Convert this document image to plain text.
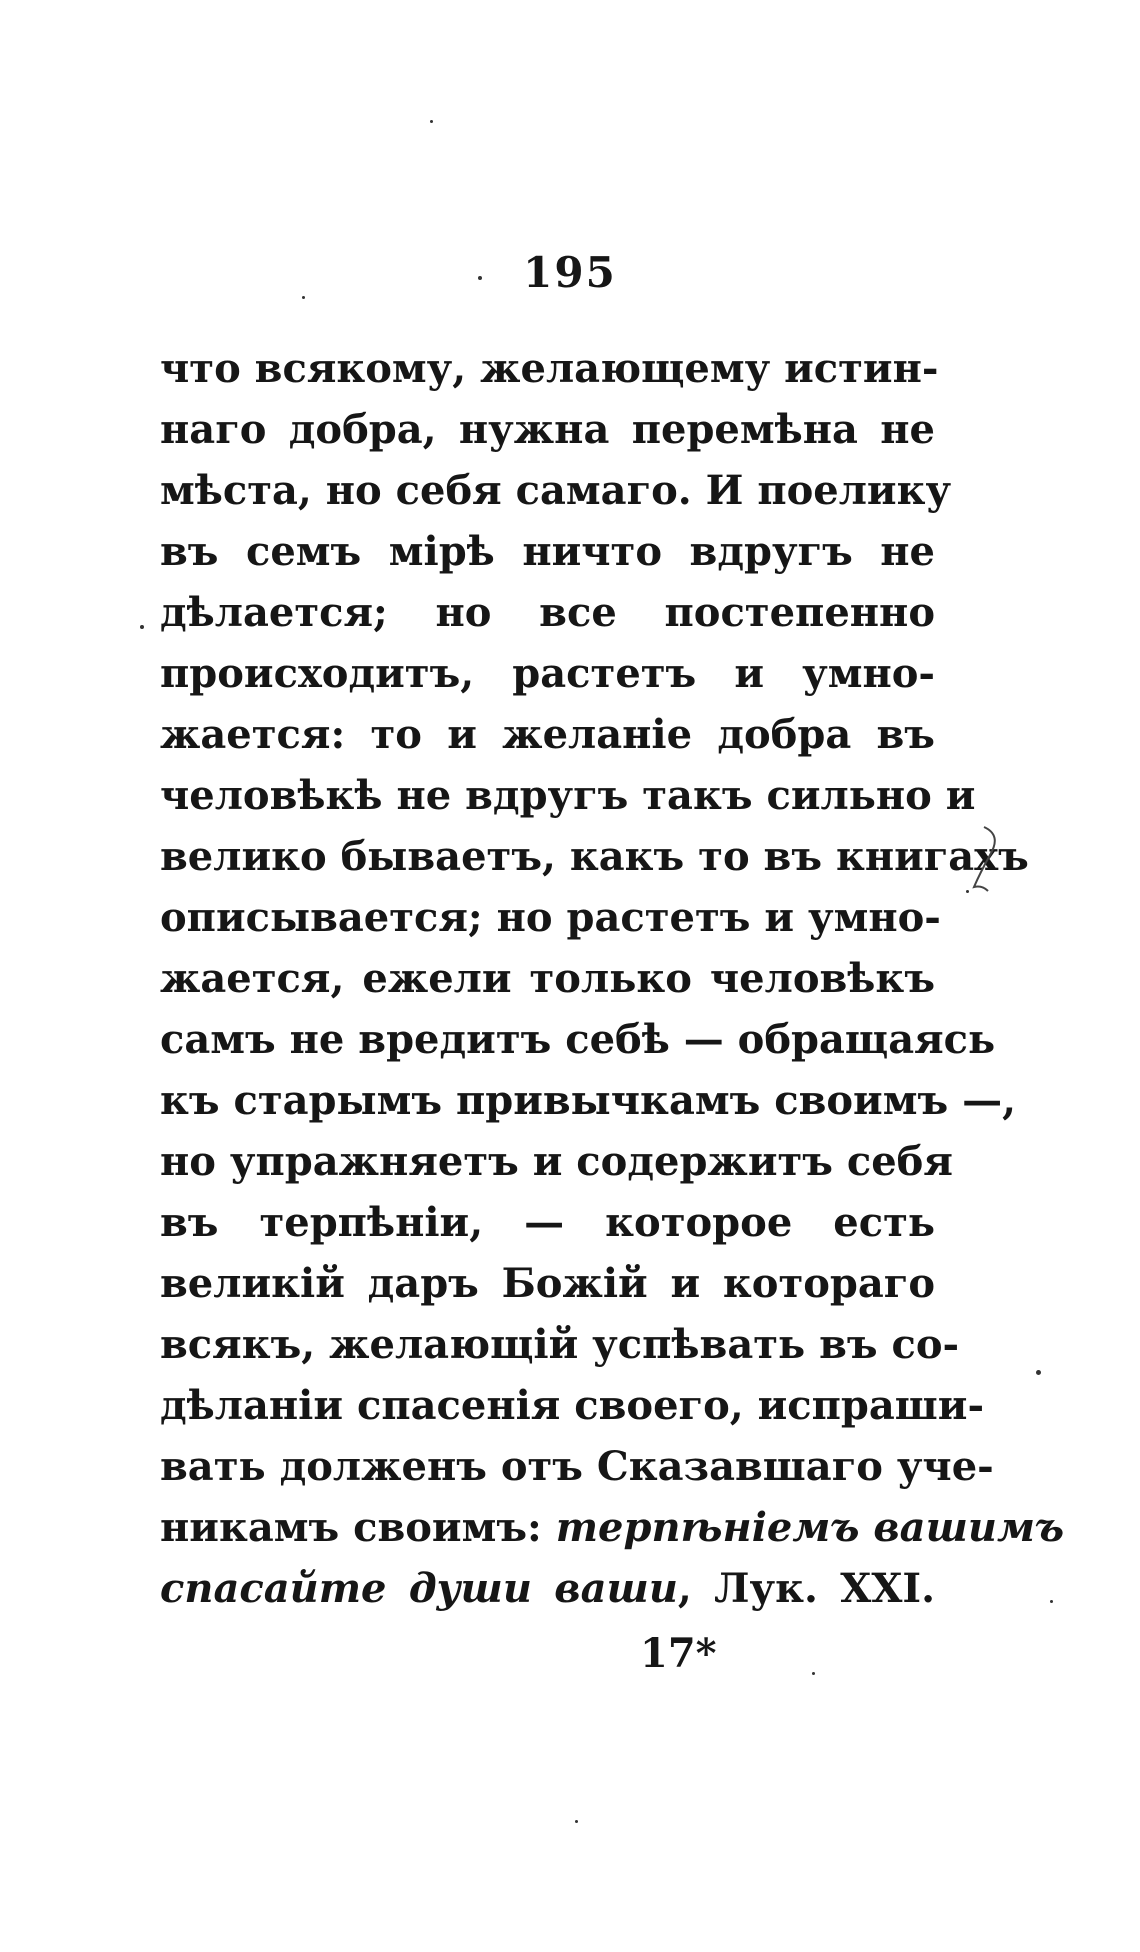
195
что всякому, желающему истин-
наго добра, нужна перемѣна не
мѣста, но себя самаго. И поелику
въ семъ мірѣ ничто вдругъ не
дѣлается; но все постепенно
происходитъ, растетъ и умно-
жается: то и желаніе добра въ
человѣкѣ не вдругъ такъ сильно и
велико бываетъ, какъ то въ книгахъ
описывается; но растетъ и умно-
жается, ежели только человѣкъ
самъ не вредитъ себѣ — обращаясь
къ старымъ привычкамъ своимъ —,
но упражняетъ и содержитъ себя
въ терпѣніи, — которое есть
великій даръ Божій и котораго
всякъ, желающій успѣвать въ со-
дѣланіи спасенія своего, испраши-
вать долженъ отъ Сказавшаго уче-
никамъ своимъ: терпѣніемъ вашимъ
спасайте души ваши, Лук. XXI.
17*
